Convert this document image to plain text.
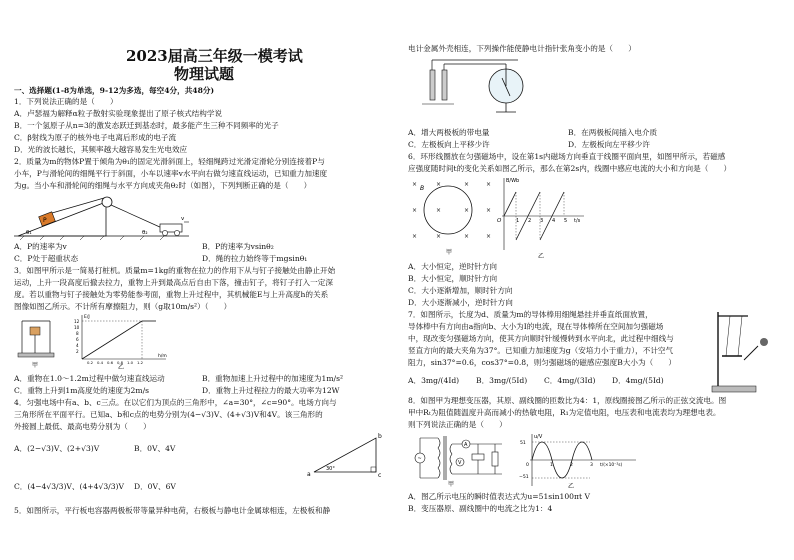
2023届高三年级一模考试
物理试题
一、选择题(1-8为单选，9-12为多选，每空4分，共48分)
1．下列说法正确的是（　　）
A．卢瑟福为解释α粒子散射实验现象提出了原子核式结构学说
B．一个氢原子从n=3的激发态跃迁到基态时，最多能产生三种不同频率的光子
C．β射线为原子的核外电子电离后形成的电子流
D．光的波长越长，其频率越大越容易发生光电效应
2．质量为m的物体P置于倾角为θ₁的固定光滑斜面上，轻细绳跨过光滑定滑轮分别连接着P与
小车，P与滑轮间的细绳平行于斜面，小车以速率v水平向右做匀速直线运动，已知重力加速度
为g。当小车和滑轮间的细绳与水平方向成夹角θ₂时（如图），下列判断正确的是（　　）
P
θ₁	θ₂
v
A．P的速率为v	B．P的速率为vsinθ₂
C．P处于超重状态	D．绳的拉力始终等于mgsinθ₁
3．如图甲所示是一简易打桩机。质量m=1kg的重物在拉力的作用下从与钉子接触处由静止开始
运动，上升一段高度后撤去拉力，重物上升到最高点后自由下落，撞击钉子，将钉子打入一定深
度。若以重物与钉子接触处为零势能参考面，重物上升过程中，其机械能E与上升高度h的关系
图像如图乙所示。不计所有摩擦阻力，则（g取10m/s²）（　　）
甲
E/J
h/m
12
10
8
6
4
2
0.2 0.4 0.6 0.8 1.0 1.2
乙
A．重物在1.0～1.2m过程中做匀速直线运动	B．重物加速上升过程中的加速度为1m/s²
C．重物上升到1m高度处的速度为2m/s	D．重物上升过程拉力的最大功率为12W
4．匀强电场中有a、b、c三点。在以它们为顶点的三角形中，∠a=30°，∠c=90°。电场方向与
三角形所在平面平行。已知a、b和c点的电势分别为(4−√3)V、(4+√3)V和4V。该三角形的
外接圆上最低、最高电势分别为（　　）
A．(2−√3)V、(2+√3)V	B．0V、4V
C．(4−4√3/3)V、(4+4√3/3)V D．0V、6V
b
a	c
30°
5．如图所示，平行板电容器两极板带等量异种电荷，右极板与静电计金属球相连，左极板和静
电计金属外壳相连，下列操作能使静电计指针张角变小的是（　　）
A．增大两极板的带电量	B．在两极板间插入电介质
C．左极板向上平移少许	D．左极板向左平移少许
6．环形线圈放在匀强磁场中，设在第1s内磁场方向垂直于线圈平面向里，如图甲所示，若磁感
应强度随时间t的变化关系如图乙所示，那么在第2s内，线圈中感应电流的大小和方向是（　　）
×	×	×	×
×	×	×	×
×	×	×	×
B
甲
B/Wb
O	1 2 3 4 5 t/s
乙
A．大小恒定，逆时针方向
B．大小恒定，顺时针方向
C．大小逐渐增加，顺时针方向
D．大小逐渐减小，逆时针方向
7．如图所示，长度为d、质量为m的导体棒用细绳悬挂并垂直纸面放置，
导体棒中有方向由a指向b、大小为I的电流，现在导体棒所在空间加匀强磁场
中，现改变匀强磁场方向，使其方向顺时针缓慢转到水平向北，此过程中细线与
竖直方向的最大夹角为37°。已知重力加速度为g（安培力小于重力），不计空气
阻力，sin37°=0.6，cos37°=0.8，则匀强磁场的磁感应强度B大小为（　　）
A．3mg/(4Id) B．3mg/(5Id) C．4mg/(3Id) D．4mg/(5Id)
8．如图甲为理想变压器，其原、副线圈的匝数比为4：1，原线圈接图乙所示的正弦交流电。图
甲中Rₜ为阻值随温度升高而减小的热敏电阻，R₁为定值电阻，电压表和电流表均为理想电表。
则下列说法正确的是（　　）
~
A
V
甲
u/V
51
−51
0	1	2	3 t/(×10⁻²s)
乙
A．图乙所示电压的瞬时值表达式为u=51sin100πt V
B．变压器原、副线圈中的电流之比为1：4
